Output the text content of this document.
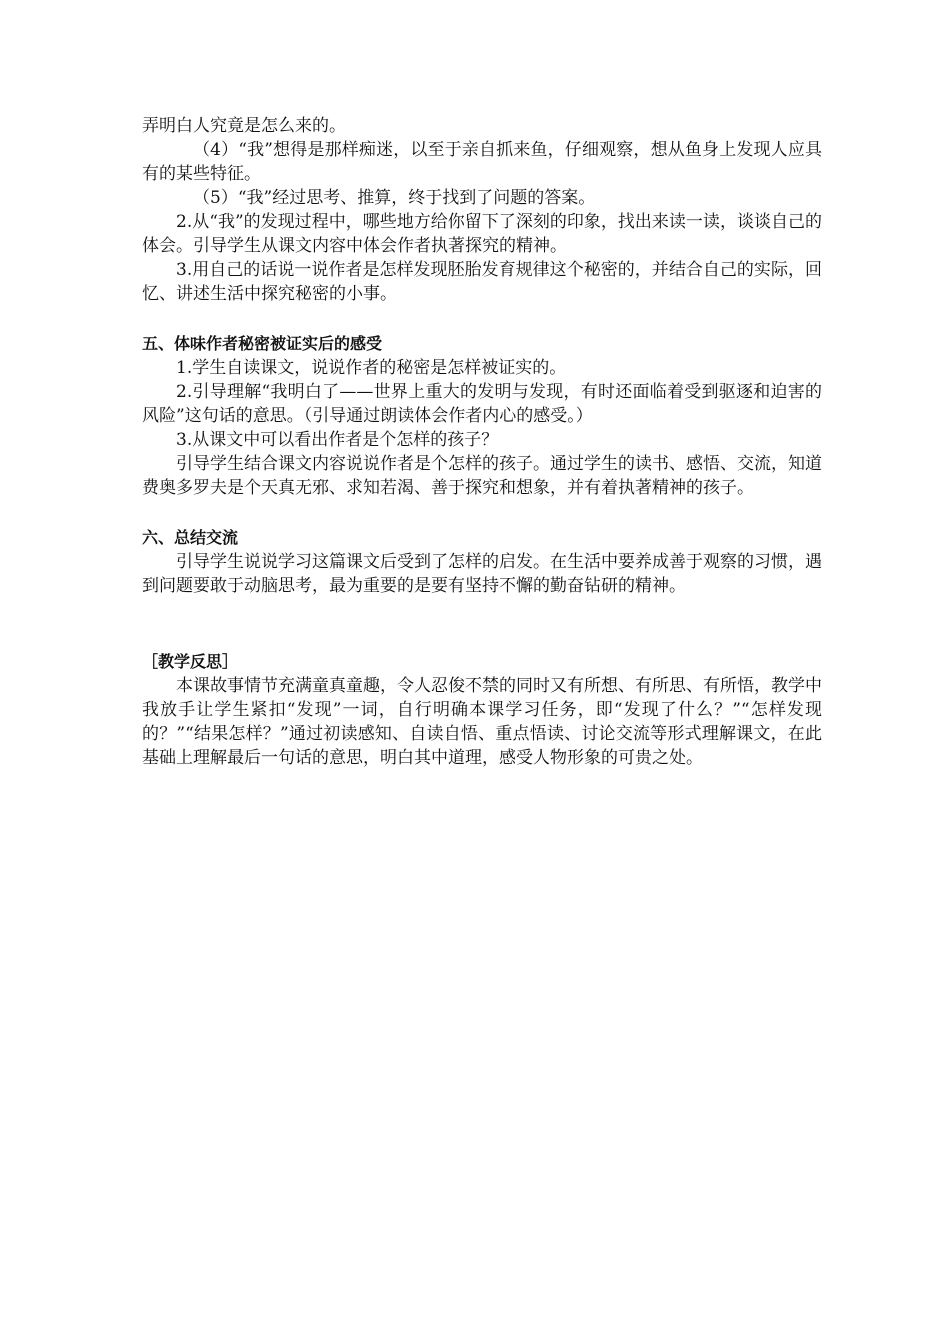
弄明白人究竟是怎么来的。

（4）“我”想得是那样痴迷，以至于亲自抓来鱼，仔细观察，想从鱼身上发现人应具有的某些特征。

（5）“我”经过思考、推算，终于找到了问题的答案。

2.从“我”的发现过程中，哪些地方给你留下了深刻的印象，找出来读一读，谈谈自己的体会。引导学生从课文内容中体会作者执著探究的精神。

3.用自己的话说一说作者是怎样发现胚胎发育规律这个秘密的，并结合自己的实际，回忆、讲述生活中探究秘密的小事。

五、体味作者秘密被证实后的感受

1.学生自读课文，说说作者的秘密是怎样被证实的。

2.引导理解“我明白了——世界上重大的发明与发现，有时还面临着受到驱逐和迫害的风险”这句话的意思。（引导通过朗读体会作者内心的感受。）

3.从课文中可以看出作者是个怎样的孩子？

引导学生结合课文内容说说作者是个怎样的孩子。通过学生的读书、感悟、交流，知道费奥多罗夫是个天真无邪、求知若渴、善于探究和想象，并有着执著精神的孩子。

六、总结交流

引导学生说说学习这篇课文后受到了怎样的启发。在生活中要养成善于观察的习惯，遇到问题要敢于动脑思考，最为重要的是要有坚持不懈的勤奋钻研的精神。

［教学反思］

本课故事情节充满童真童趣，令人忍俊不禁的同时又有所想、有所思、有所悟，教学中我放手让学生紧扣“发现”一词，自行明确本课学习任务，即“发现了什么？”“怎样发现的？”“结果怎样？”通过初读感知、自读自悟、重点悟读、讨论交流等形式理解课文，在此基础上理解最后一句话的意思，明白其中道理，感受人物形象的可贵之处。
